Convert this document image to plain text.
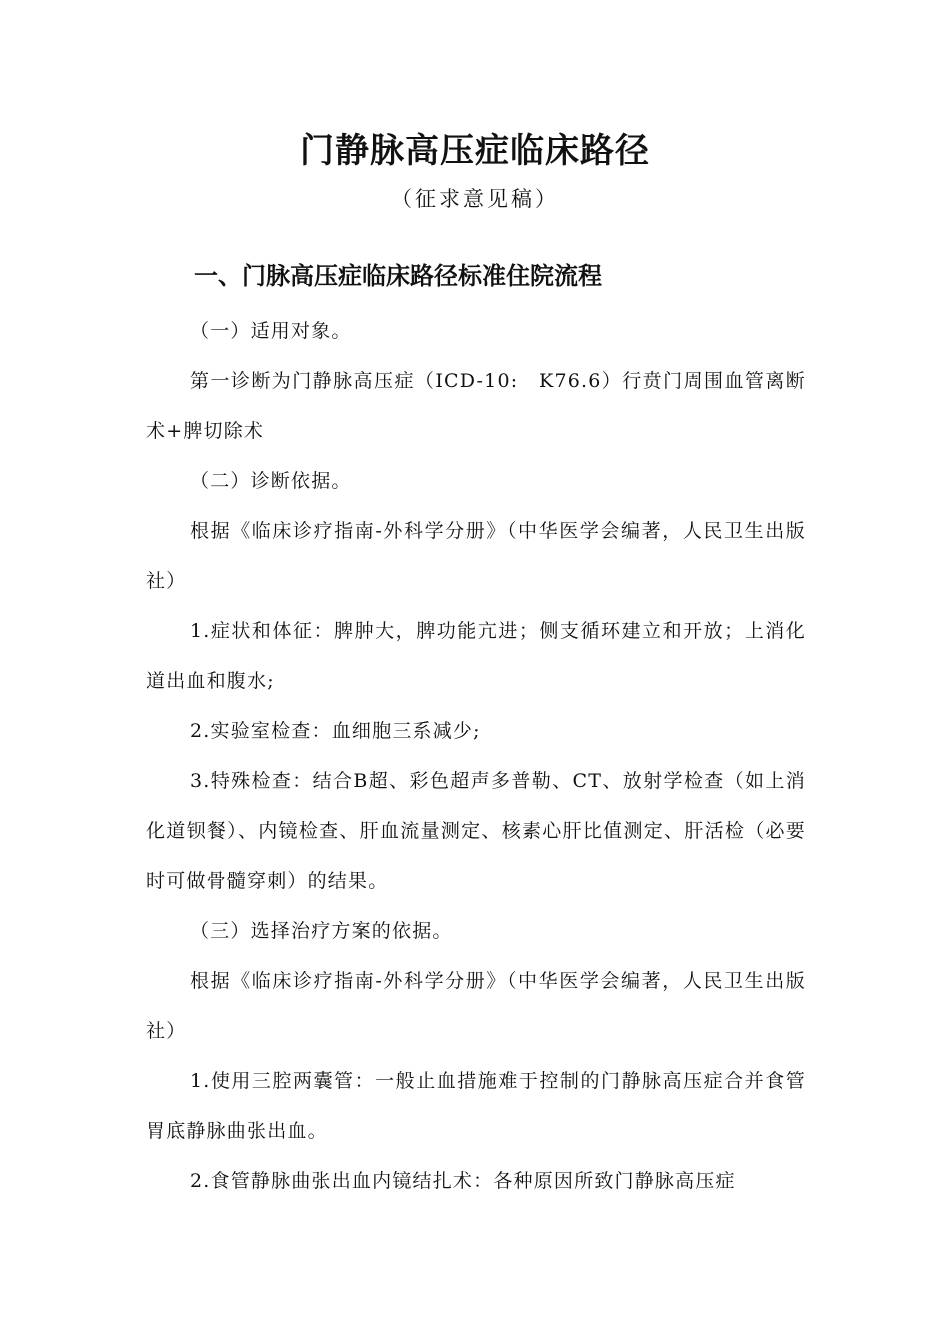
门静脉高压症临床路径
（征求意见稿）
一、门脉高压症临床路径标准住院流程

（一）适用对象。

第一诊断为门静脉高压症（ICD-10:　K76.6）行贲门周围血管离断术+脾切除术

（二）诊断依据。

根据《临床诊疗指南-外科学分册》（中华医学会编著，人民卫生出版社）

1.症状和体征：脾肿大，脾功能亢进；侧支循环建立和开放；上消化道出血和腹水;

2.实验室检查：血细胞三系减少;

3.特殊检查：结合B超、彩色超声多普勒、CT、放射学检查（如上消化道钡餐）、内镜检查、肝血流量测定、核素心肝比值测定、肝活检（必要时可做骨髓穿刺）的结果。

（三）选择治疗方案的依据。

根据《临床诊疗指南-外科学分册》（中华医学会编著，人民卫生出版社）

1.使用三腔两囊管：一般止血措施难于控制的门静脉高压症合并食管胃底静脉曲张出血。

2.食管静脉曲张出血内镜结扎术：各种原因所致门静脉高压症
